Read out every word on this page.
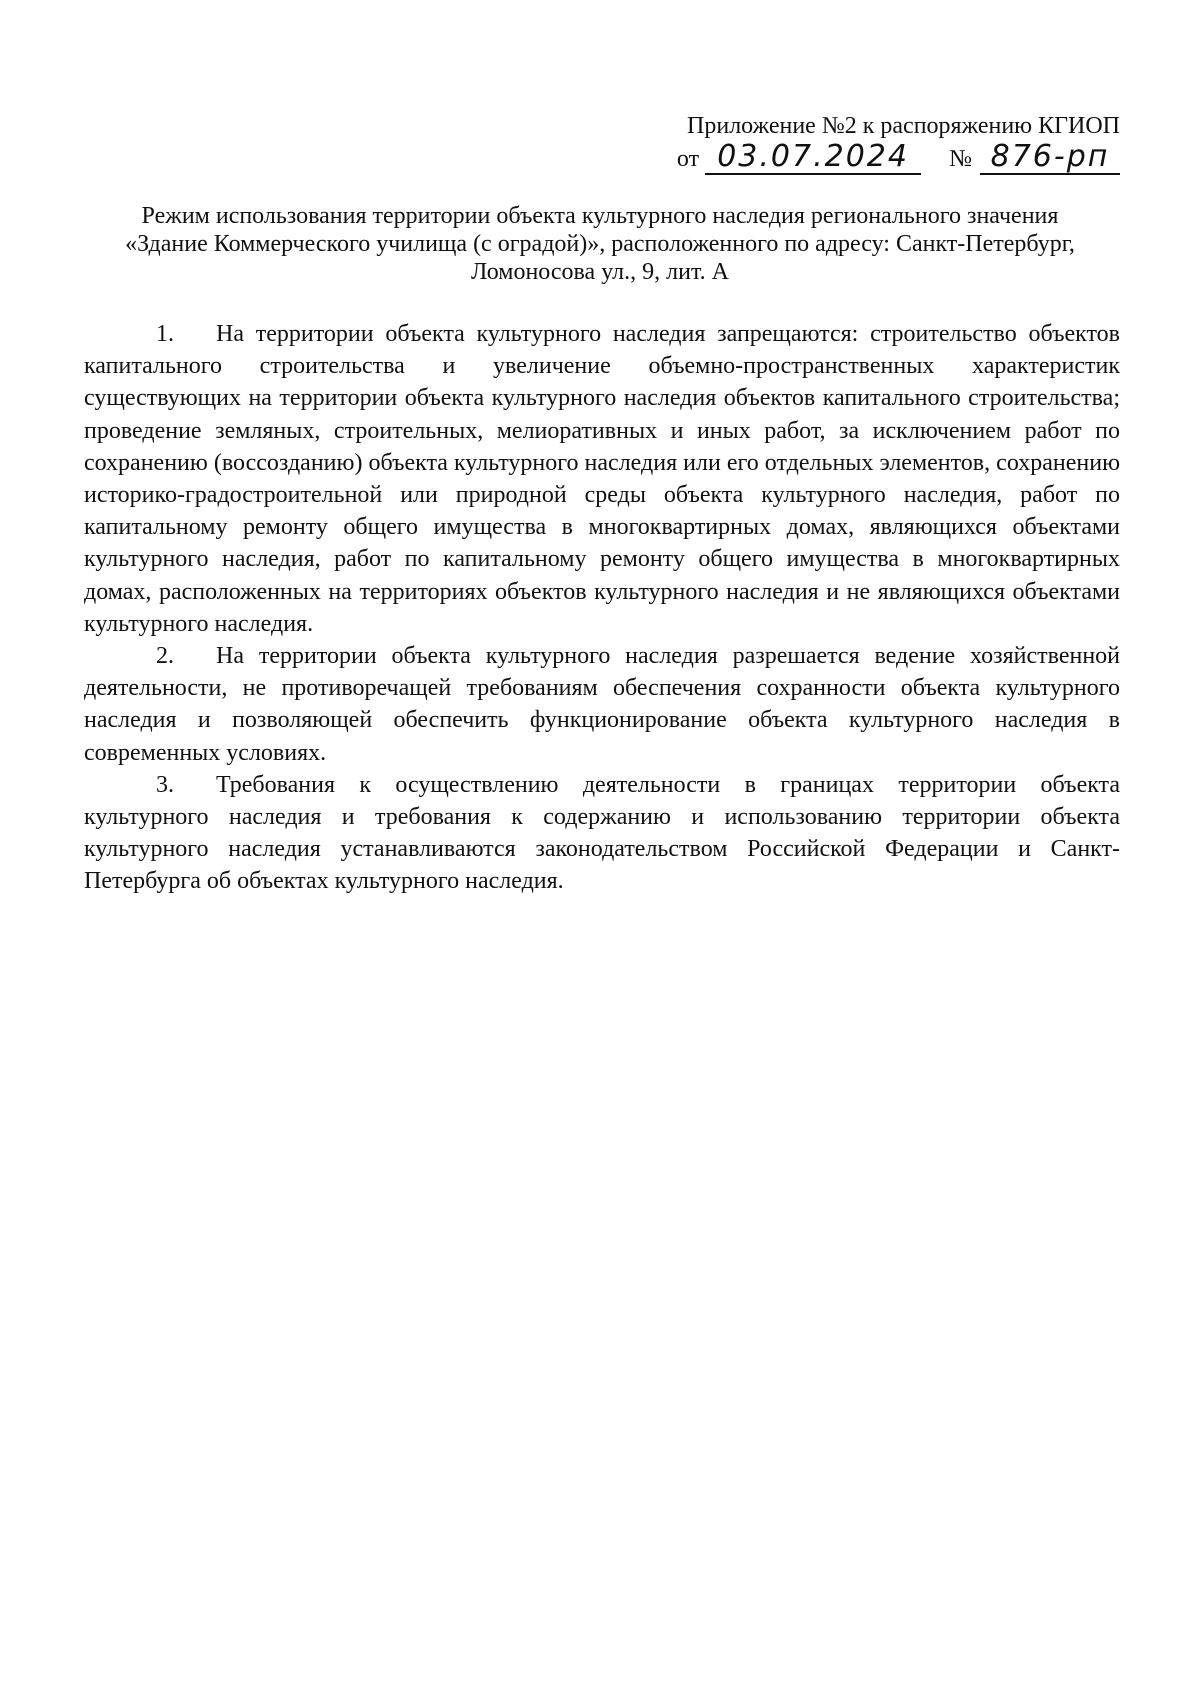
Приложение №2 к распоряжению КГИОП
от 03.07.2024	№ 876-рп
Режим использования территории объекта культурного наследия регионального значения
«Здание Коммерческого училища (с оградой)», расположенного по адресу: Санкт-Петербург,
Ломоносова ул., 9, лит. А

1. На территории объекта культурного наследия запрещаются: строительство объектов капитального строительства и увеличение объемно-пространственных характеристик существующих на территории объекта культурного наследия объектов капитального строительства; проведение земляных, строительных, мелиоративных и иных работ, за исключением работ по сохранению (воссозданию) объекта культурного наследия или его отдельных элементов, сохранению историко-градостроительной или природной среды объекта культурного наследия, работ по капитальному ремонту общего имущества в многоквартирных домах, являющихся объектами культурного наследия, работ по капитальному ремонту общего имущества в многоквартирных домах, расположенных на территориях объектов культурного наследия и не являющихся объектами культурного наследия.

2. На территории объекта культурного наследия разрешается ведение хозяйственной деятельности, не противоречащей требованиям обеспечения сохранности объекта культурного наследия и позволяющей обеспечить функционирование объекта культурного наследия в современных условиях.

3. Требования к осуществлению деятельности в границах территории объекта культурного наследия и требования к содержанию и использованию территории объекта культурного наследия устанавливаются законодательством Российской Федерации и Санкт-Петербурга об объектах культурного наследия.
